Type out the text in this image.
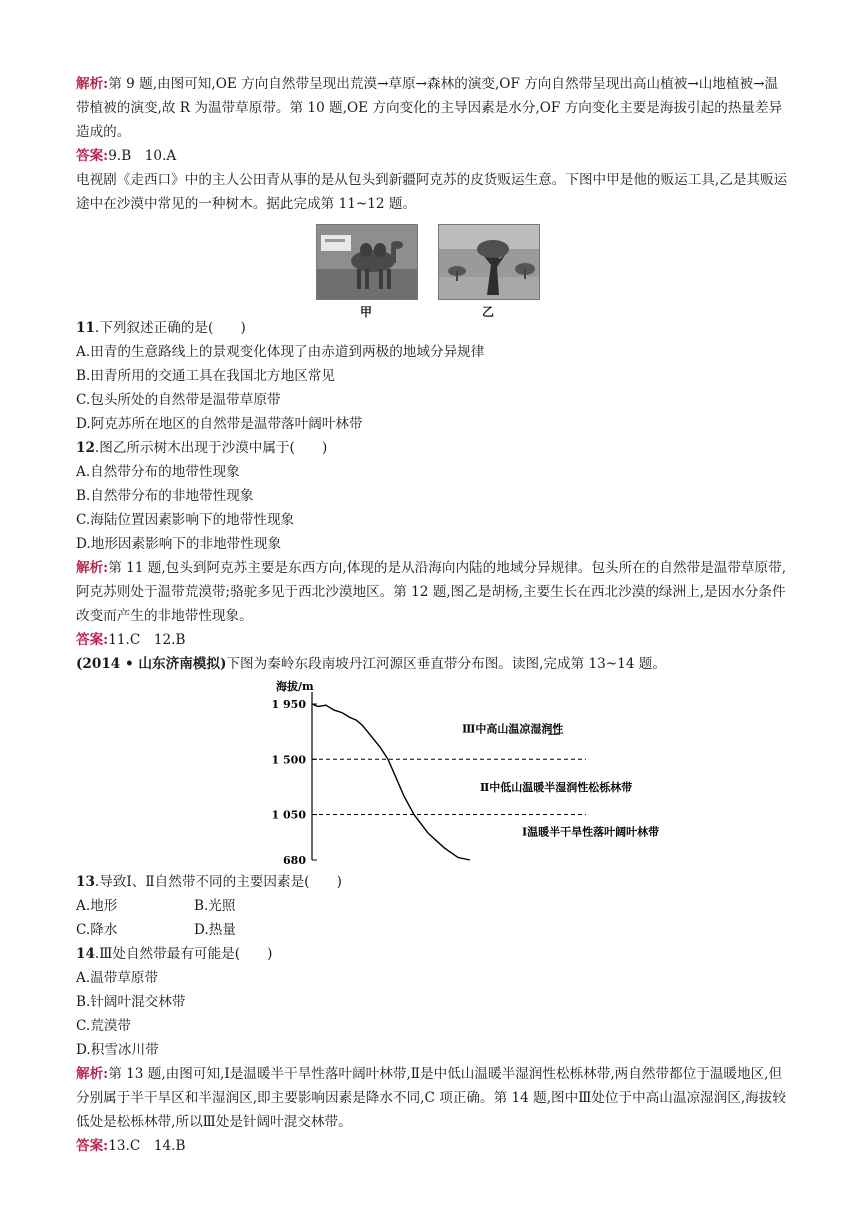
解析:第 9 题,由图可知,OE 方向自然带呈现出荒漠→草原→森林的演变,OF 方向自然带呈现出高山植被→山地植被→温带植被的演变,故 R 为温带草原带。第 10 题,OE 方向变化的主导因素是水分,OF 方向变化主要是海拔引起的热量差异造成的。

答案:9.B　10.A

电视剧《走西口》中的主人公田青从事的是从包头到新疆阿克苏的皮货贩运生意。下图中甲是他的贩运工具,乙是其贩运途中在沙漠中常见的一种树木。据此完成第 11~12 题。

甲	乙

11.下列叙述正确的是(　　)

A.田青的生意路线上的景观变化体现了由赤道到两极的地域分异规律

B.田青所用的交通工具在我国北方地区常见

C.包头所处的自然带是温带草原带

D.阿克苏所在地区的自然带是温带落叶阔叶林带

12.图乙所示树木出现于沙漠中属于(　　)

A.自然带分布的地带性现象

B.自然带分布的非地带性现象

C.海陆位置因素影响下的地带性现象

D.地形因素影响下的非地带性现象

解析:第 11 题,包头到阿克苏主要是东西方向,体现的是从沿海向内陆的地域分异规律。包头所在的自然带是温带草原带,阿克苏则处于温带荒漠带;骆驼多见于西北沙漠地区。第 12 题,图乙是胡杨,主要生长在西北沙漠的绿洲上,是因水分条件改变而产生的非地带性现象。

答案:11.C　12.B

(2014 • 山东济南模拟)下图为秦岭东段南坡丹江河源区垂直带分布图。读图,完成第 13~14 题。

海拔/m
1 950
1 500
1 050
680
Ⅲ中高山温凉湿润性
Ⅱ中低山温暖半湿润性松栎林带
Ⅰ温暖半干旱性落叶阔叶林带

13.导致Ⅰ、Ⅱ自然带不同的主要因素是(　　)

A.地形	B.光照
C.降水	D.热量

14.Ⅲ处自然带最有可能是(　　)

A.温带草原带

B.针阔叶混交林带

C.荒漠带

D.积雪冰川带

解析:第 13 题,由图可知,Ⅰ是温暖半干旱性落叶阔叶林带,Ⅱ是中低山温暖半湿润性松栎林带,两自然带都位于温暖地区,但分别属于半干旱区和半湿润区,即主要影响因素是降水不同,C 项正确。第 14 题,图中Ⅲ处位于中高山温凉湿润区,海拔较低处是松栎林带,所以Ⅲ处是针阔叶混交林带。

答案:13.C　14.B
